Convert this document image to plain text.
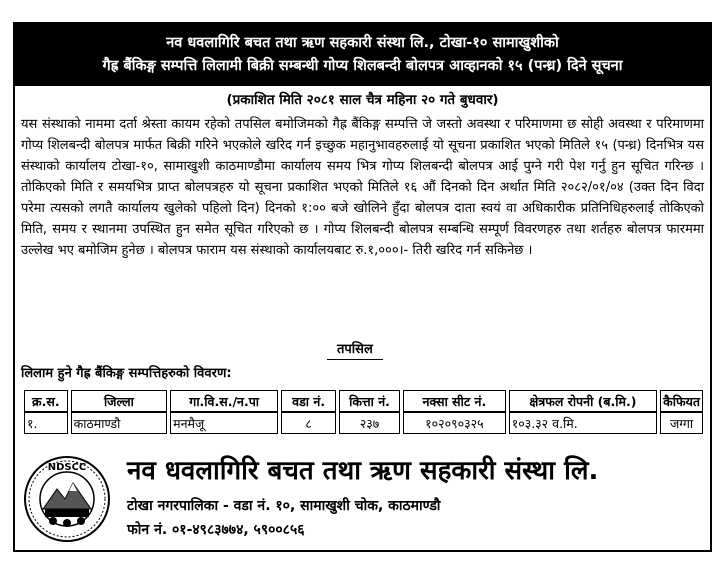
नव धवलागिरि बचत तथा ऋण सहकारी संस्था लि., टोखा-१० सामाखुशीको
गैह्र बैंकिङ्ग सम्पत्ति लिलामी बिक्री सम्बन्धी गोप्य शिलबन्दी बोलपत्र आव्हानको १५ (पन्ध्र) दिने सूचना
(प्रकाशित मिति २०८१ साल चैत्र महिना २० गते बुधवार)
यस संस्थाको नाममा दर्ता श्रेस्ता कायम रहेको तपसिल बमोजिमको गैह्र बैंकिङ्ग सम्पत्ति जे जस्तो अवस्था र परिमाणमा छ सोही अवस्था र परिमाणमा गोप्य शिलबन्दी बोलपत्र मार्फत बिक्री गरिने भएकोले खरिद गर्न इच्छुक महानुभावहरुलाई यो सूचना प्रकाशित भएको मितिले १५ (पन्ध्र) दिनभित्र यस संस्थाको कार्यालय टोखा-१०, सामाखुशी काठमाण्डौमा कार्यालय समय भित्र गोप्य शिलबन्दी बोलपत्र आई पुग्ने गरी पेश गर्नु हुन सूचित गरिन्छ । तोकिएको मिति र समयभित्र प्राप्त बोलपत्रहरु यो सूचना प्रकाशित भएको मितिले १६ औं दिनको दिन अर्थात मिति २०८२/०१/०४ (उक्त दिन विदा परेमा त्यसको लगतै कार्यालय खुलेको पहिलो दिन) दिनको १:०० बजे खोलिने हुँदा बोलपत्र दाता स्वयं वा अधिकारीक प्रतिनिधिहरुलाई तोकिएको मिति, समय र स्थानमा उपस्थित हुन समेत सूचित गरिएको छ । गोप्य शिलबन्दी बोलपत्र सम्बन्धि सम्पूर्ण विवरणहरु तथा शर्तहरु बोलपत्र फारममा उल्लेख भए बमोजिम हुनेछ । बोलपत्र फाराम यस संस्थाको कार्यालयबाट रु.१,०००।- तिरी खरिद गर्न सकिनेछ ।
तपसिल
लिलाम हुने गैह्र बैंकिङ्ग सम्पत्तिहरुको विवरण:
क्र.स.	जिल्ला	गा.वि.स./न.पा	वडा नं.	कित्ता नं.	नक्सा सीट नं.	क्षेत्रफल रोपनी (ब.मि.)	कैफियत
१.	काठमाण्डौ	मनमैजू	८	२३७	१०२०९०३२५	१०३.३२ व.मि.	जग्गा
NDSCC नव धवलागिरि बचत तथा ऋण सहकारी संस्था लि.
टोखा नगरपालिका - वडा नं. १०, सामाखुशी चोक, काठमाण्डौ
फोन नं. ०१-४९८३७७४, ५९००८५६
